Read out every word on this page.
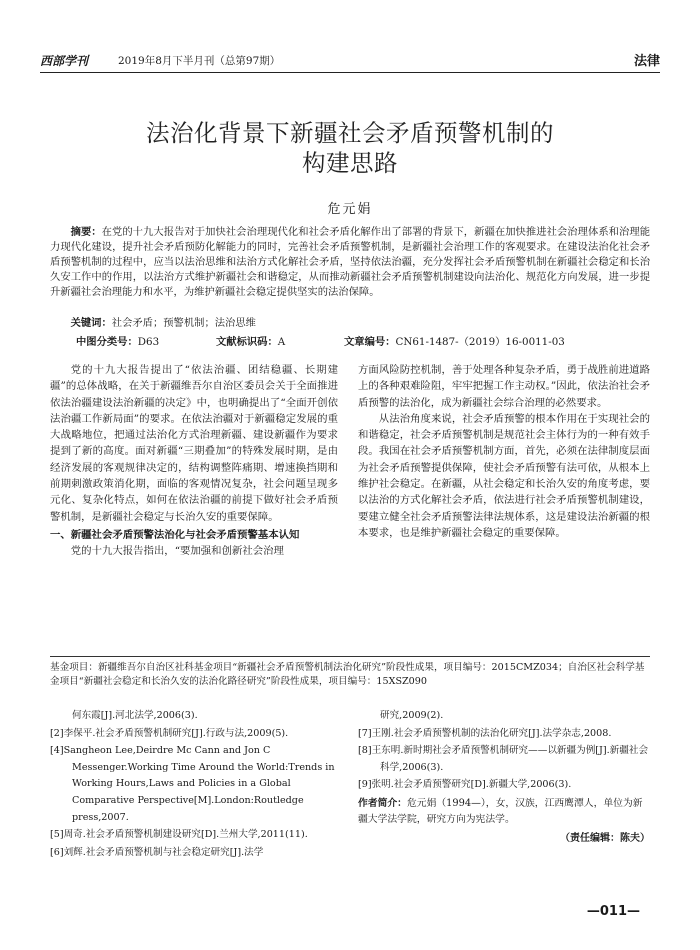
西部学刊	2019年8月下半月刊（总第97期）	法律
法治化背景下新疆社会矛盾预警机制的
构建思路
危元娟
摘要：在党的十九大报告对于加快社会治理现代化和社会矛盾化解作出了部署的背景下，新疆在加快推进社会治理体系和治理能力现代化建设，提升社会矛盾预防化解能力的同时，完善社会矛盾预警机制，是新疆社会治理工作的客观要求。在建设法治化社会矛盾预警机制的过程中，应当以法治思维和法治方式化解社会矛盾，坚持依法治疆，充分发挥社会矛盾预警机制在新疆社会稳定和长治久安工作中的作用，以法治方式维护新疆社会和谐稳定，从而推动新疆社会矛盾预警机制建设向法治化、规范化方向发展，进一步提升新疆社会治理能力和水平，为维护新疆社会稳定提供坚实的法治保障。
关键词：社会矛盾；预警机制；法治思维
中图分类号：D63	文献标识码：A	文章编号：CN61-1487-（2019）16-0011-03

党的十九大报告提出了“依法治疆、团结稳疆、长期建疆”的总体战略，在关于新疆维吾尔自治区委员会关于全面推进依法治疆建设法治新疆的决定》中，也明确提出了“全面开创依法治疆工作新局面”的要求。在依法治疆对于新疆稳定发展的重大战略地位，把通过法治化方式治理新疆、建设新疆作为要求提到了新的高度。面对新疆“三期叠加”的特殊发展时期，是由经济发展的客观规律决定的，结构调整阵痛期、增速换挡期和前期刺激政策消化期，面临的客观情况复杂，社会问题呈现多元化、复杂化特点，如何在依法治疆的前提下做好社会矛盾预警机制，是新疆社会稳定与长治久安的重要保障。

一、新疆社会矛盾预警法治化与社会矛盾预警基本认知

党的十九大报告指出，“要加强和创新社会治理

方面风险防控机制，善于处理各种复杂矛盾，勇于战胜前进道路上的各种艰难险阻，牢牢把握工作主动权。”因此，依法治社会矛盾预警的法治化，成为新疆社会综合治理的必然要求。

从法治角度来说，社会矛盾预警的根本作用在于实现社会的和谐稳定，社会矛盾预警机制是规范社会主体行为的一种有效手段。我国在社会矛盾预警机制方面，首先，必须在法律制度层面为社会矛盾预警提供保障，使社会矛盾预警有法可依，从根本上维护社会稳定。在新疆，从社会稳定和长治久安的角度考虑，要以法治的方式化解社会矛盾，依法进行社会矛盾预警机制建设，要建立健全社会矛盾预警法律法规体系，这是建设法治新疆的根本要求，也是维护新疆社会稳定的重要保障。

基金项目：新疆维吾尔自治区社科基金项目“新疆社会矛盾预警机制法治化研究”阶段性成果，项目编号：2015CMZ034；自治区社会科学基金项目“新疆社会稳定和长治久安的法治化路径研究”阶段性成果，项目编号：15XSZ090

何东霞[J].河北法学,2006(3).

[2]李保平.社会矛盾预警机制研究[J].行政与法,2009(5).

[4]Sangheon Lee,Deirdre Mc Cann and Jon C Messenger.Working Time Around the World:Trends in Working Hours,Laws and Policies in a Global Comparative Perspective[M].London:Routledge press,2007.

[5]周奇.社会矛盾预警机制建设研究[D].兰州大学,2011(11).

[6]刘辉.社会矛盾预警机制与社会稳定研究[J].法学

研究,2009(2).

[7]王刚.社会矛盾预警机制的法治化研究[J].法学杂志,2008.

[8]王东明.新时期社会矛盾预警机制研究——以新疆为例[J].新疆社会科学,2006(3).

[9]张明.社会矛盾预警研究[D].新疆大学,2006(3).

作者简介：危元娟（1994—），女，汉族，江西鹰潭人，单位为新疆大学法学院，研究方向为宪法学。

（责任编辑：陈夫）
—011—
